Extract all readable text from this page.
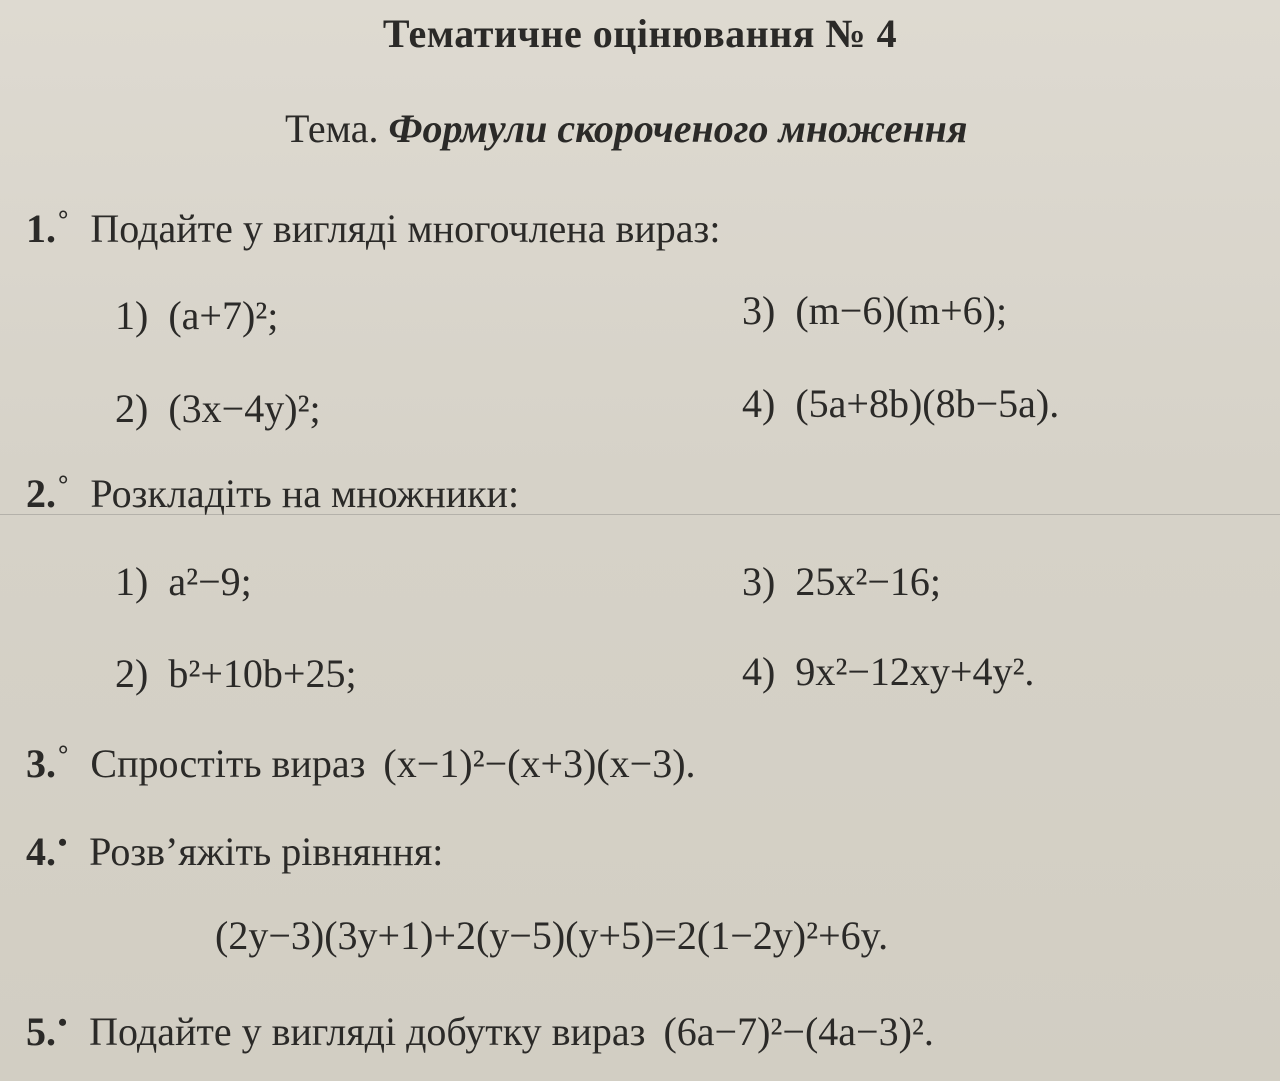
Тематичне оцінювання № 4
Тема. Формули скороченого множення
1.° Подайте у вигляді многочлена вираз:
1) (a+7)²;
2) (3x−4y)²;
3) (m−6)(m+6);
4) (5a+8b)(8b−5a).
2.° Розкладіть на множники:
1) a²−9;
2) b²+10b+25;
3) 25x²−16;
4) 9x²−12xy+4y².
3.° Спростіть вираз (x−1)²−(x+3)(x−3).
4.• Розв’яжіть рівняння:
(2y−3)(3y+1)+2(y−5)(y+5)=2(1−2y)²+6y.
5.• Подайте у вигляді добутку вираз (6a−7)²−(4a−3)².
